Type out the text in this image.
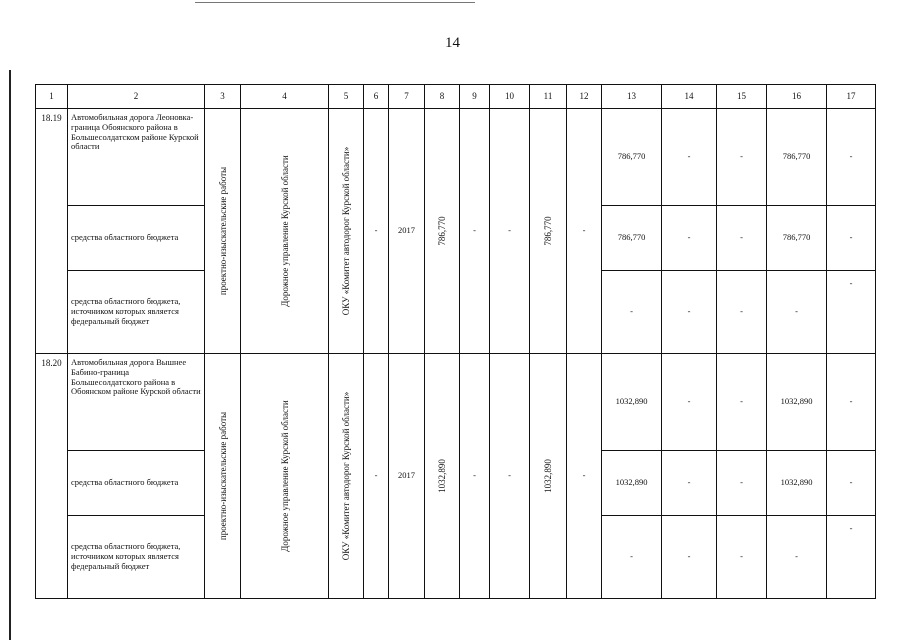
14
1	2	3	4	5	6	7	8	9	10	11	12	13	14	15	16	17
18.19	Автомобильная дорога Леоновка-граница Обоянского района в Большесолдатском районе Курской области	проектно-изыскательские работы	Дорожное управление Курской области	ОКУ «Комитет автодорог Курской области»	-	2017	786,770	-	-	786,770	-	786,770	-	-	786,770	-
	средства областного бюджета											786,770	-	-	786,770	-
	средства областного бюджета, источником которых является федеральный бюджет											-	-	-	-	-
18.20	Автомобильная дорога Вышнее Бабино-граница Большесолдатского района в Обоянском районе Курской области	проектно-изыскательские работы	Дорожное управление Курской области	ОКУ «Комитет автодорог Курской области»	-	2017	1032,890	-	-	1032,890	-	1032,890	-	-	1032,890	-
	средства областного бюджета											1032,890	-	-	1032,890	-
	средства областного бюджета, источником которых является федеральный бюджет											-	-	-	-	-
